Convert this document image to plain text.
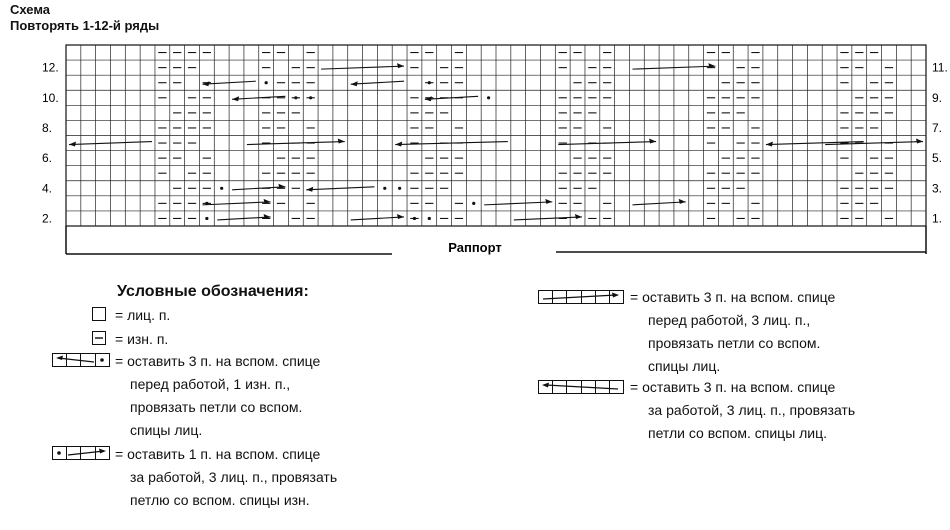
Схема
Повторять 1-12-й ряды
12.
10.
8.
6.
4.
2.
11.
9.
7.
5.
3.
1.
Раппорт
Условные обозначения:
= лиц. п.
= изн. п.
= оставить 3 п. на вспом. спице
перед работой, 1 изн. п.,
провязать петли со вспом.
спицы лиц.
= оставить 1 п. на вспом. спице
за работой, 3 лиц. п., провязать
петлю со вспом. спицы изн.
= оставить 3 п. на вспом. спице
перед работой, 3 лиц. п.,
провязать петли со вспом.
спицы лиц.
= оставить 3 п. на вспом. спице
за работой, 3 лиц. п., провязать
петли со вспом. спицы лиц.
